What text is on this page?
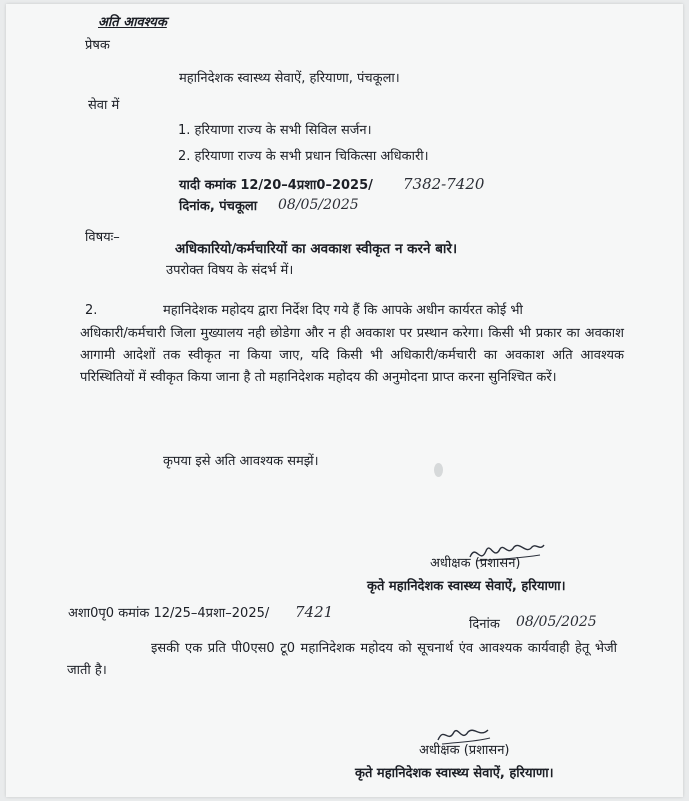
अति आवश्यक
प्रेषक
महानिदेशक स्वास्थ्य सेवाऐं, हरियाणा, पंचकूला।
सेवा में
1. हरियाणा राज्य के सभी सिविल सर्जन।
2. हरियाणा राज्य के सभी प्रधान चिकित्सा अधिकारी।
यादी कमांक 12/20–4प्रशा0–2025/ 7382-7420
दिनांक, पंचकूला 08/05/2025
विषयः–
अधिकारियो/कर्मचारियों का अवकाश स्वीकृत न करने बारे।
उपरोक्त विषय के संदर्भ में।
2.	महानिदेशक महोदय द्वारा निर्देश दिए गये हैं कि आपके अधीन कार्यरत कोई भी
अधिकारी/कर्मचारी जिला मुख्यालय नही छोडेगा और न ही अवकाश पर प्रस्थान करेगा। किसी भी प्रकार का अवकाश आगामी आदेशों तक स्वीकृत ना किया जाए, यदि किसी भी अधिकारी/कर्मचारी का अवकाश अति आवश्यक परिस्थितियों में स्वीकृत किया जाना है तो महानिदेशक महोदय की अनुमोदना प्राप्त करना सुनिश्चित करें।
कृपया इसे अति आवश्यक समझें।
अधीक्षक (प्रशासन)
कृते महानिदेशक स्वास्थ्य सेवाऐं, हरियाणा।
अशा0पृ0 कमांक 12/25–4प्रशा–2025/ 7421
दिनांक 08/05/2025
इसकी एक प्रति पी0एस0 टू0 महानिदेशक महोदय को सूचनार्थ एंव आवश्यक कार्यवाही हेतू भेजी जाती है।
अधीक्षक (प्रशासन)
कृते महानिदेशक स्वास्थ्य सेवाऐं, हरियाणा।
